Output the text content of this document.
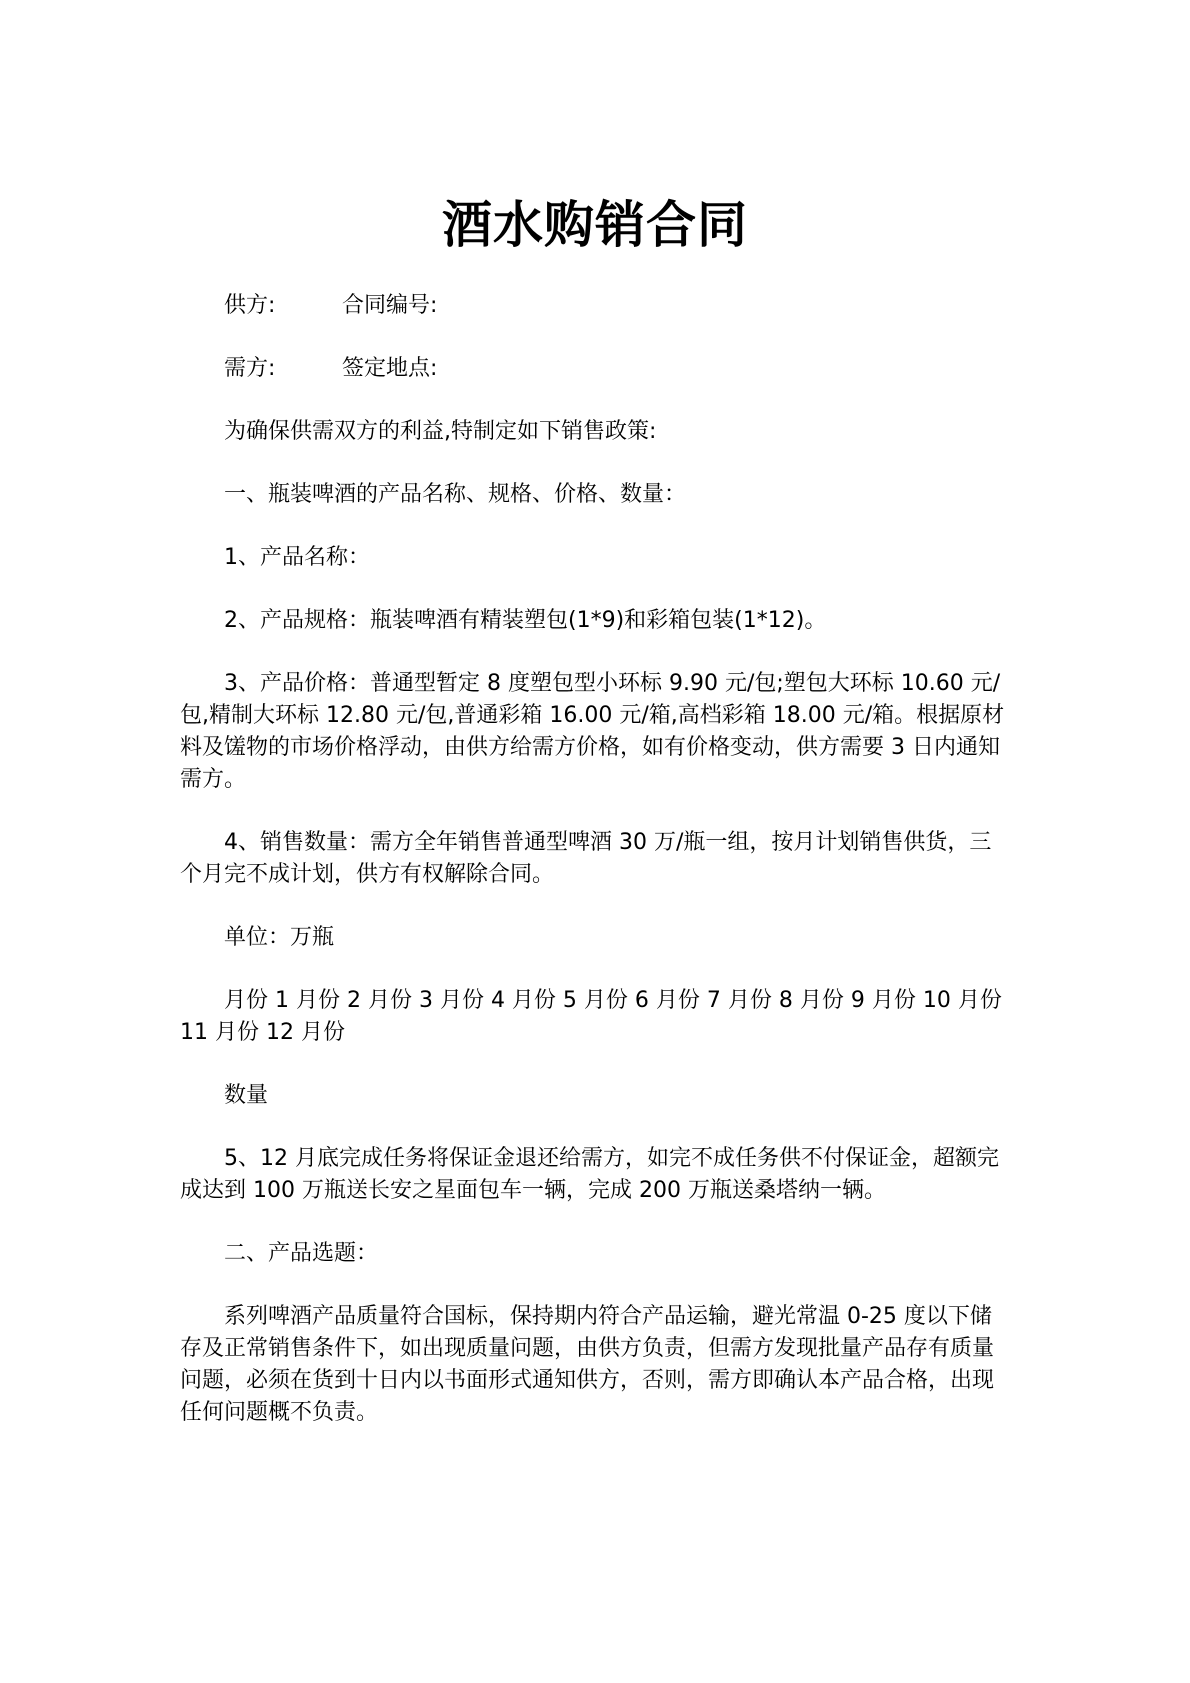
酒水购销合同
供方:	合同编号:
需方:	签定地点:

为确保供需双方的利益,特制定如下销售政策:

一、瓶装啤酒的产品名称、规格、价格、数量：

1、产品名称：

2、产品规格：瓶装啤酒有精装塑包(1*9)和彩箱包装(1*12)。

3、产品价格：普通型暂定 8 度塑包型小环标 9.90 元/包;塑包大环标 10.60 元/包,精制大环标 12.80 元/包,普通彩箱 16.00 元/箱,高档彩箱 18.00 元/箱。根据原材料及馐物的市场价格浮动，由供方给需方价格，如有价格变动，供方需要 3 日内通知需方。

4、销售数量：需方全年销售普通型啤酒 30 万/瓶一组，按月计划销售供货，三个月完不成计划，供方有权解除合同。

单位：万瓶

月份 1 月份 2 月份 3 月份 4 月份 5 月份 6 月份 7 月份 8 月份 9 月份 10 月份 11 月份 12 月份

数量

5、12 月底完成任务将保证金退还给需方，如完不成任务供不付保证金，超额完成达到 100 万瓶送长安之星面包车一辆，完成 200 万瓶送桑塔纳一辆。

二、产品选题：

系列啤酒产品质量符合国标，保持期内符合产品运输，避光常温 0-25 度以下储存及正常销售条件下，如出现质量问题，由供方负责，但需方发现批量产品存有质量问题，必须在货到十日内以书面形式通知供方，否则，需方即确认本产品合格，出现任何问题概不负责。
